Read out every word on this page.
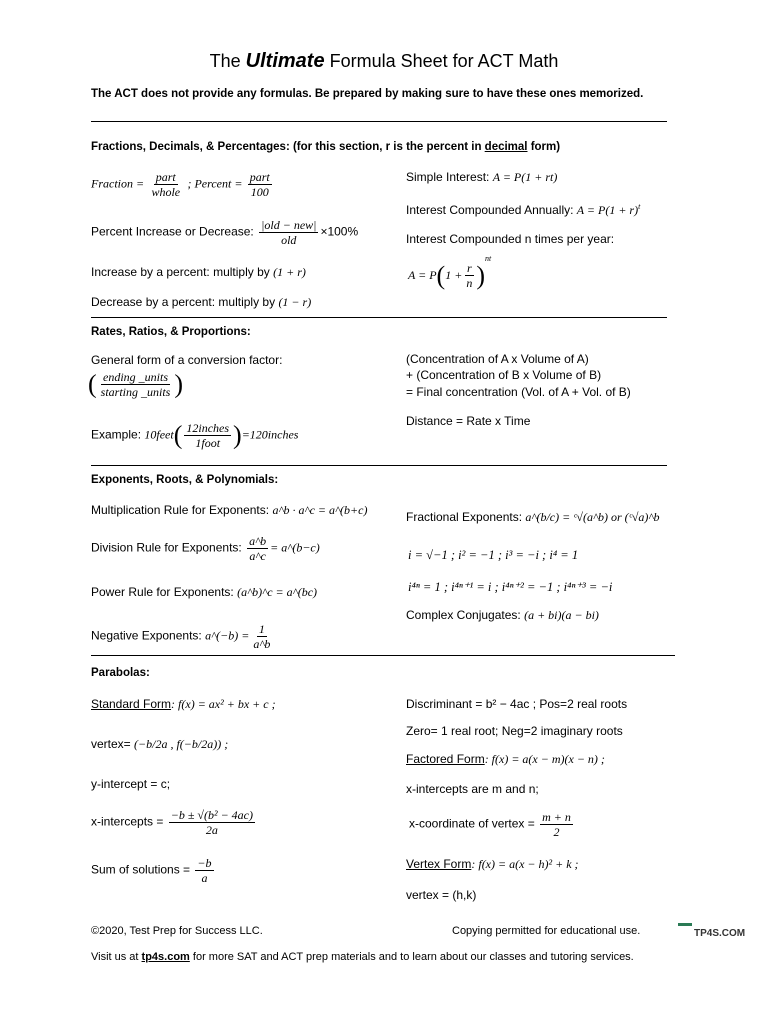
The Ultimate Formula Sheet for ACT Math
The ACT does not provide any formulas. Be prepared by making sure to have these ones memorized.
Fractions, Decimals, & Percentages: (for this section, r is the percent in decimal form)
Fraction = $\frac{\text{part}}{\text{whole}}$ ; Percent = $\frac{\text{part}}{100}$
Percent Increase or Decrease: $\frac{\text{|old − new|}}{\text{old}} \times 100\%$
Increase by a percent: multiply by (1 + r)
Decrease by a percent: multiply by (1 − r)
Simple Interest: A = P(1 + rt)
Interest Compounded Annually: $A = P(1 + r)^t$
Interest Compounded n times per year:
$A = P(1 + \frac{r}{n} )^{nt}$
Rates, Ratios, & Proportions:
General form of a conversion factor:
( $\frac{\text{ending \_units}}{\text{starting \_units}}$ )
Example: 10feet( $\frac{\text{12inches}}{\text{1foot}}$ )=120inches
(Concentration of A x Volume of A)
+ (Concentration of B x Volume of B)
= Final concentration (Vol. of A + Vol. of B)
Distance = Rate x Time
Exponents, Roots, & Polynomials:
Multiplication Rule for Exponents: a^b · a^c = a^(b+c)
Division Rule for Exponents: $\frac{a\^{}b}{a\^{}c}$ = a^(b−c)
Power Rule for Exponents: (a^b)^c = a^(bc)
Negative Exponents: a^(−b) = $\frac{1}{a\^{}b}$
Fractional Exponents: a^(b/c) = ᶜ√(a^b) or (ᶜ√a)^b
i = √−1 ; i² = −1 ; i³ = −i ; i⁴ = 1
i⁴ⁿ = 1 ; i⁴ⁿ⁺¹ = i ; i⁴ⁿ⁺² = −1 ; i⁴ⁿ⁺³ = −i
Complex Conjugates: (a + bi)(a − bi)
Parabolas:
Standard Form: f(x) = ax² + bx + c ;
vertex= (−b/2a , f(−b/2a)) ;
y-intercept = c;
x-intercepts = $\frac{\text{−b ± √(b² − 4ac)}}{2a}$
Sum of solutions = $\frac{-b}{a}$
Discriminant = b² − 4ac ; Pos=2 real roots
Zero= 1 real root; Neg=2 imaginary roots
Factored Form: f(x) = a(x − m)(x − n) ;
x-intercepts are m and n;
x-coordinate of vertex = $\frac{m + n}{2}$
Vertex Form: f(x) = a(x − h)² + k ;
vertex = (h,k)
©2020, Test Prep for Success LLC.	Copying permitted for educational use.	TP4S.COM
Visit us at tp4s.com for more SAT and ACT prep materials and to learn about our classes and tutoring services.
